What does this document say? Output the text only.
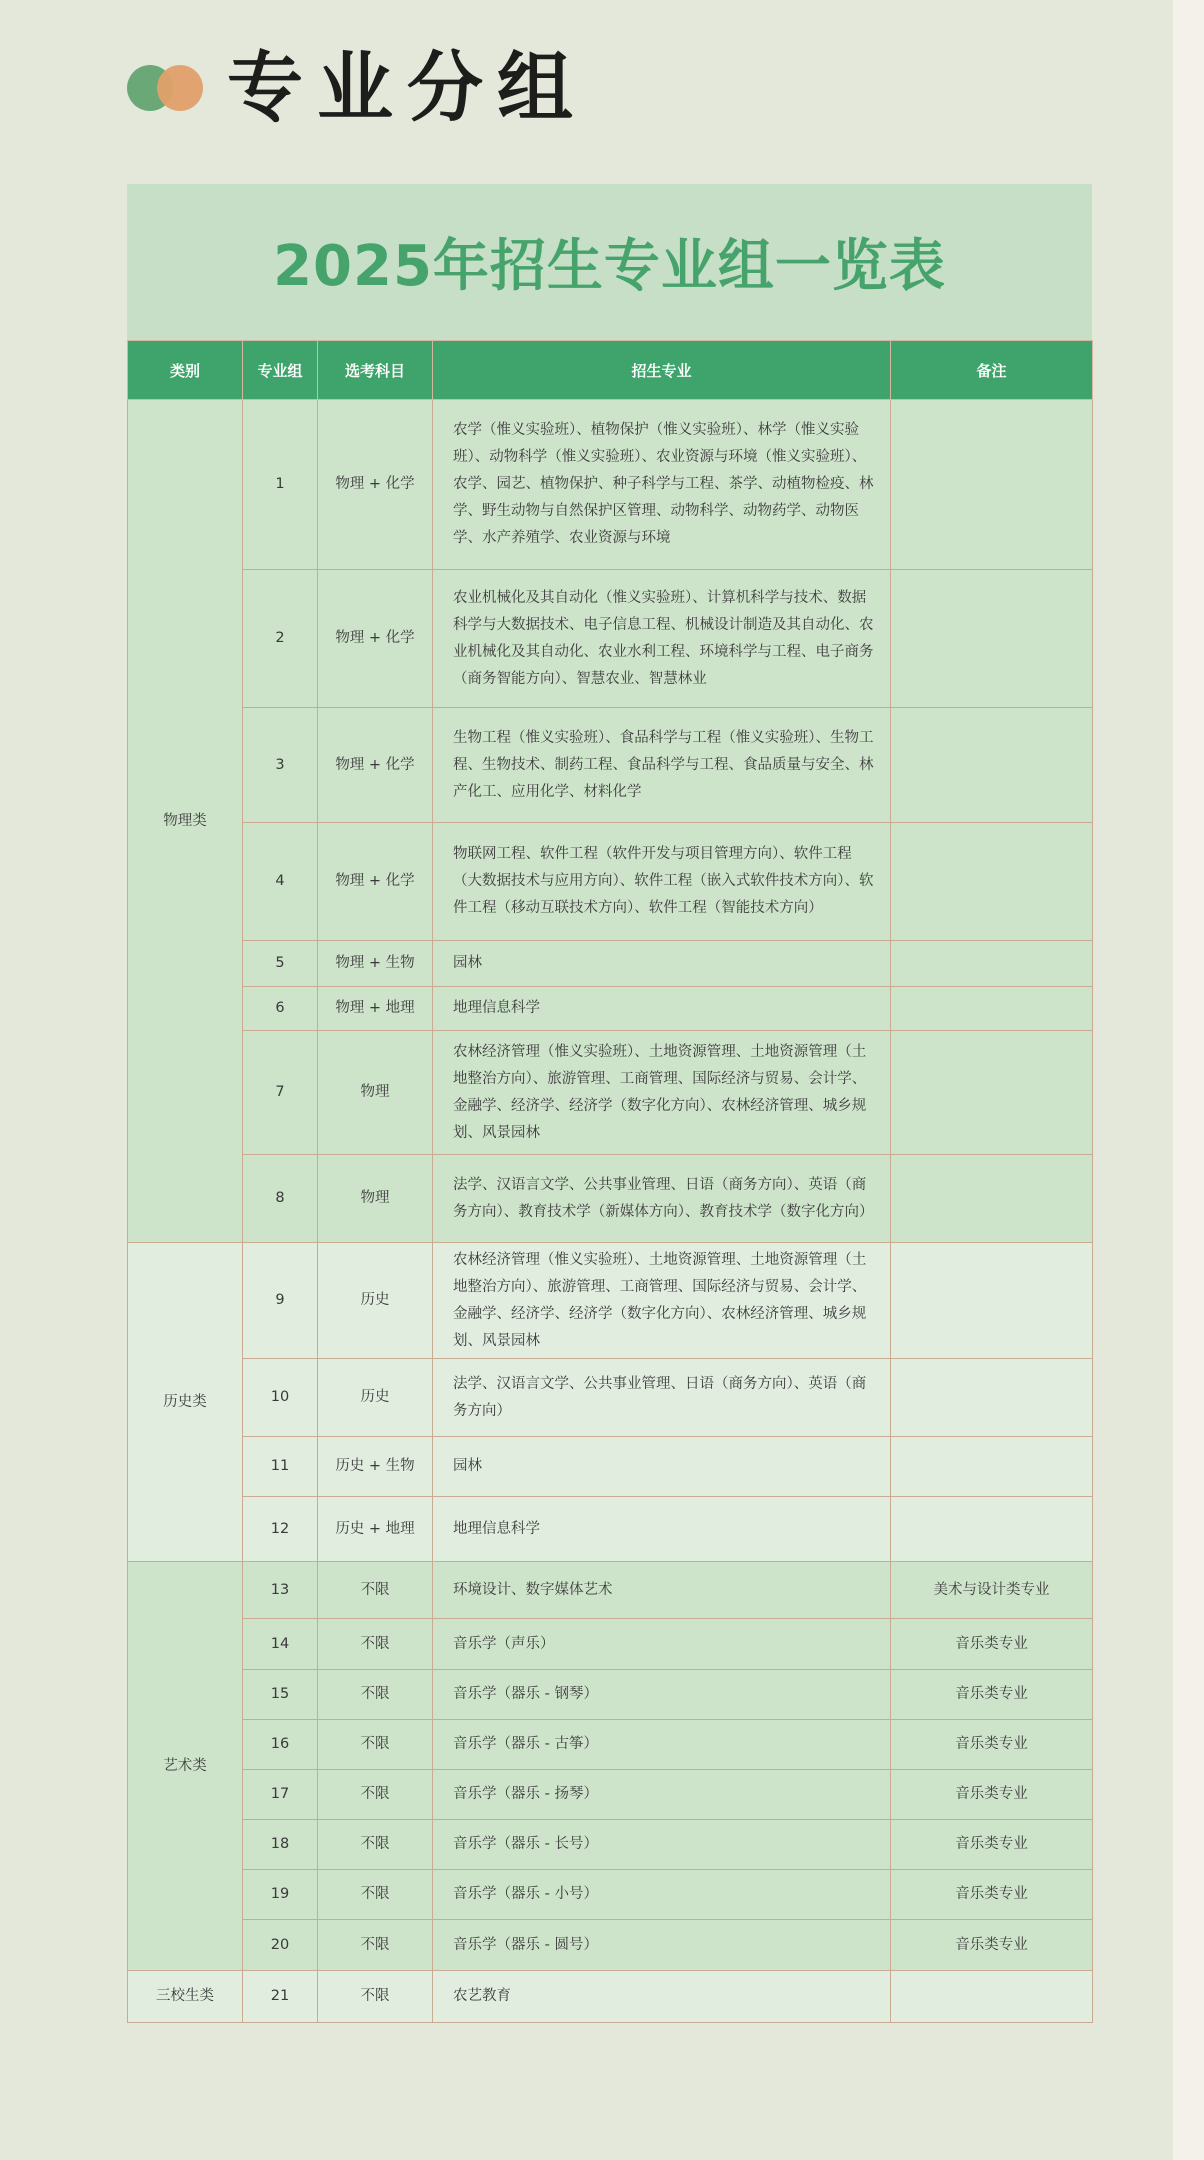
专业分组
2025年招生专业组一览表
类别	专业组	选考科目	招生专业	备注
物理类	1	物理 + 化学	农学（惟义实验班）、植物保护（惟义实验班）、林学（惟义实验班）、动物科学（惟义实验班）、农业资源与环境（惟义实验班）、农学、园艺、植物保护、种子科学与工程、茶学、动植物检疫、林学、野生动物与自然保护区管理、动物科学、动物药学、动物医学、水产养殖学、农业资源与环境	
	2	物理 + 化学	农业机械化及其自动化（惟义实验班）、计算机科学与技术、数据科学与大数据技术、电子信息工程、机械设计制造及其自动化、农业机械化及其自动化、农业水利工程、环境科学与工程、电子商务（商务智能方向）、智慧农业、智慧林业	
	3	物理 + 化学	生物工程（惟义实验班）、食品科学与工程（惟义实验班）、生物工程、生物技术、制药工程、食品科学与工程、食品质量与安全、林产化工、应用化学、材料化学	
	4	物理 + 化学	物联网工程、软件工程（软件开发与项目管理方向）、软件工程（大数据技术与应用方向）、软件工程（嵌入式软件技术方向）、软件工程（移动互联技术方向）、软件工程（智能技术方向）	
	5	物理 + 生物	园林	
	6	物理 + 地理	地理信息科学	
	7	物理	农林经济管理（惟义实验班）、土地资源管理、土地资源管理（土地整治方向）、旅游管理、工商管理、国际经济与贸易、会计学、金融学、经济学、经济学（数字化方向）、农林经济管理、城乡规划、风景园林	
	8	物理	法学、汉语言文学、公共事业管理、日语（商务方向）、英语（商务方向）、教育技术学（新媒体方向）、教育技术学（数字化方向）	
历史类	9	历史	农林经济管理（惟义实验班）、土地资源管理、土地资源管理（土地整治方向）、旅游管理、工商管理、国际经济与贸易、会计学、金融学、经济学、经济学（数字化方向）、农林经济管理、城乡规划、风景园林	
	10	历史	法学、汉语言文学、公共事业管理、日语（商务方向）、英语（商务方向）	
	11	历史 + 生物	园林	
	12	历史 + 地理	地理信息科学	
艺术类	13	不限	环境设计、数字媒体艺术	美术与设计类专业
	14	不限	音乐学（声乐）	音乐类专业
	15	不限	音乐学（器乐 - 钢琴）	音乐类专业
	16	不限	音乐学（器乐 - 古筝）	音乐类专业
	17	不限	音乐学（器乐 - 扬琴）	音乐类专业
	18	不限	音乐学（器乐 - 长号）	音乐类专业
	19	不限	音乐学（器乐 - 小号）	音乐类专业
	20	不限	音乐学（器乐 - 圆号）	音乐类专业
三校生类	21	不限	农艺教育	
